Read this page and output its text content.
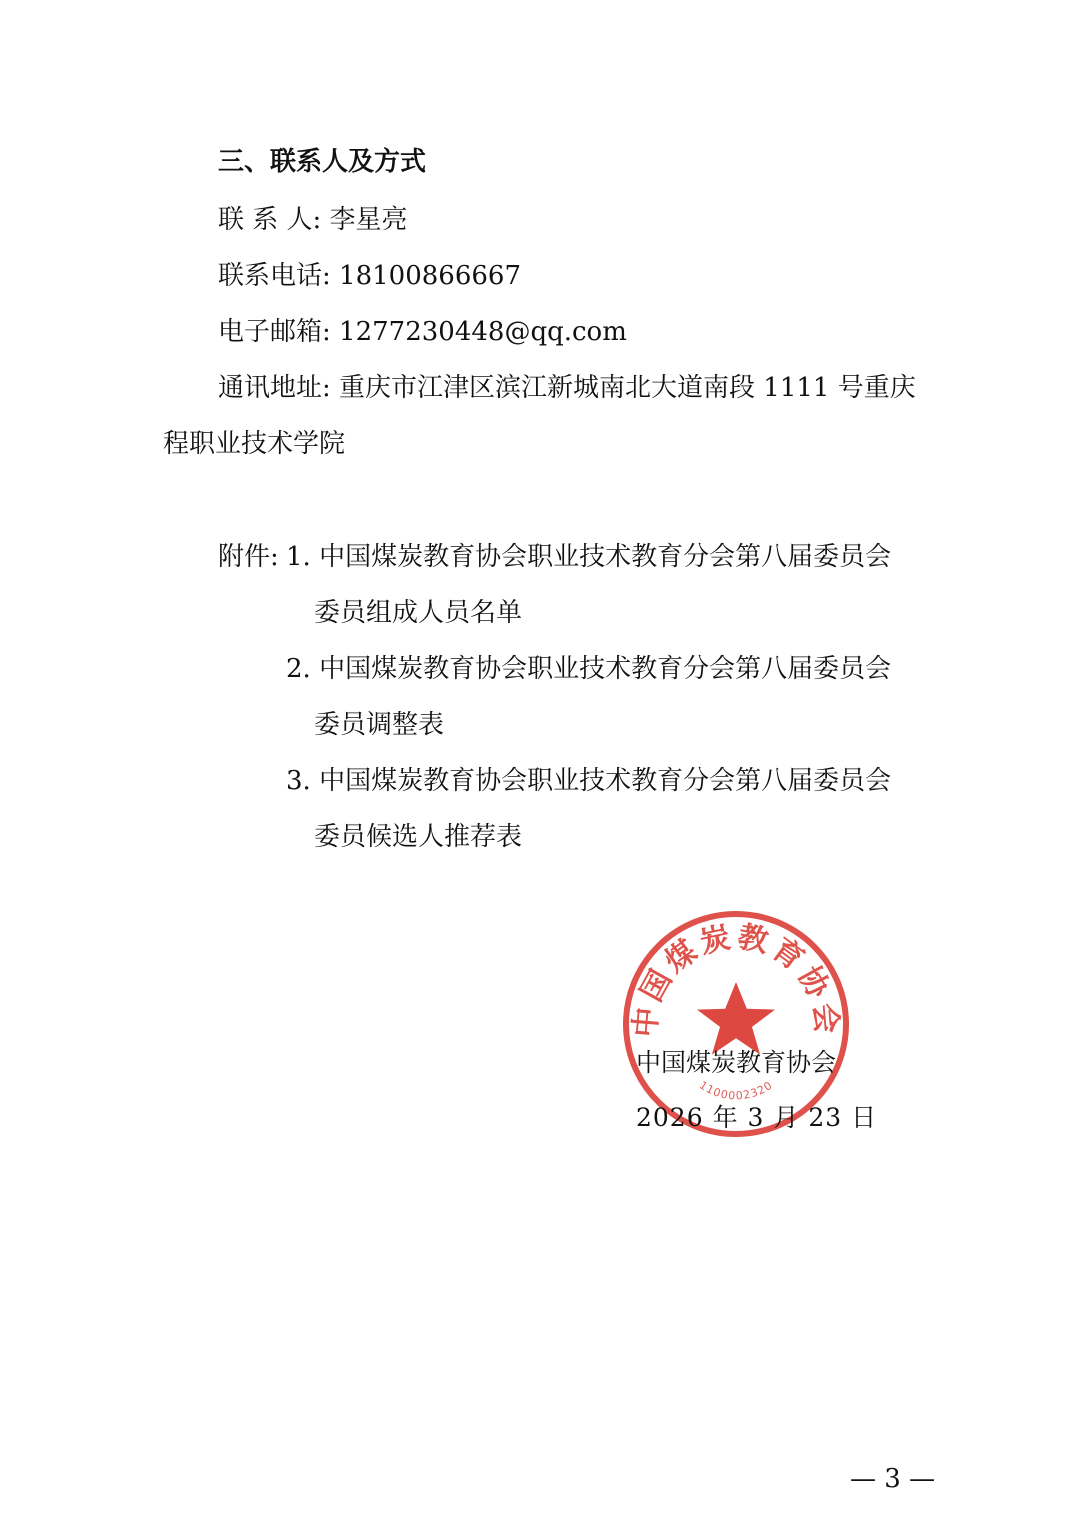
三、联系人及方式
联 系 人: 李星亮
联系电话: 18100866667
电子邮箱: 1277230448@qq.com
通讯地址: 重庆市江津区滨江新城南北大道南段 1111 号重庆
程职业技术学院
附件: 1. 中国煤炭教育协会职业技术教育分会第八届委员会
委员组成人员名单
2. 中国煤炭教育协会职业技术教育分会第八届委员会
委员调整表
3. 中国煤炭教育协会职业技术教育分会第八届委员会
委员候选人推荐表
中国煤炭教育协会
1100002320
中国煤炭教育协会
2026 年 3 月 23 日
— 3 —
